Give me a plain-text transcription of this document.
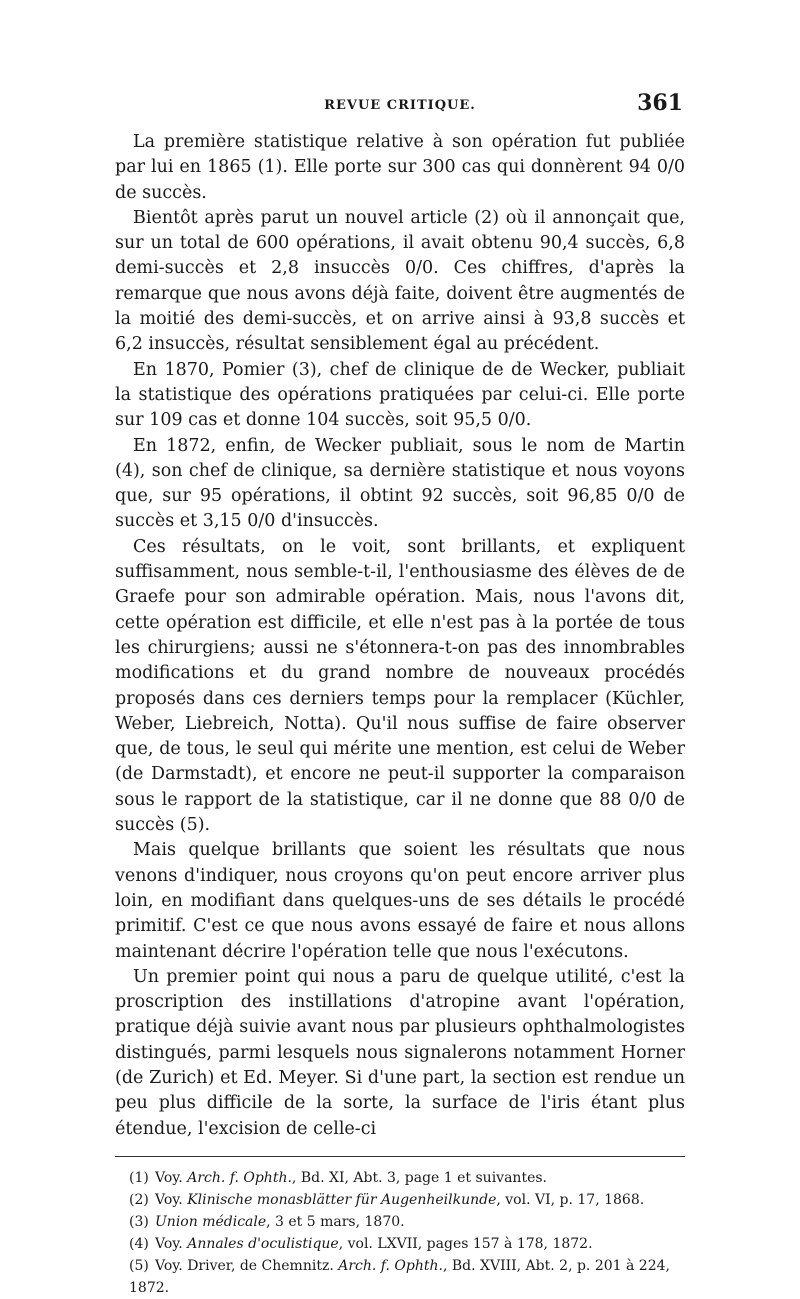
REVUE CRITIQUE.	361

La première statistique relative à son opération fut publiée par lui en 1865 (1). Elle porte sur 300 cas qui donnèrent 94 0/0 de succès.

Bientôt après parut un nouvel article (2) où il annonçait que, sur un total de 600 opérations, il avait obtenu 90,4 succès, 6,8 demi-succès et 2,8 insuccès 0/0. Ces chiffres, d'après la remarque que nous avons déjà faite, doivent être augmentés de la moitié des demi-succès, et on arrive ainsi à 93,8 succès et 6,2 insuccès, résultat sensiblement égal au précédent.

En 1870, Pomier (3), chef de clinique de de Wecker, publiait la statistique des opérations pratiquées par celui-ci. Elle porte sur 109 cas et donne 104 succès, soit 95,5 0/0.

En 1872, enfin, de Wecker publiait, sous le nom de Martin (4), son chef de clinique, sa dernière statistique et nous voyons que, sur 95 opérations, il obtint 92 succès, soit 96,85 0/0 de succès et 3,15 0/0 d'insuccès.

Ces résultats, on le voit, sont brillants, et expliquent suffisamment, nous semble-t-il, l'enthousiasme des élèves de de Graefe pour son admirable opération. Mais, nous l'avons dit, cette opération est difficile, et elle n'est pas à la portée de tous les chirurgiens; aussi ne s'étonnera-t-on pas des innombrables modifications et du grand nombre de nouveaux procédés proposés dans ces derniers temps pour la remplacer (Küchler, Weber, Liebreich, Notta). Qu'il nous suffise de faire observer que, de tous, le seul qui mérite une mention, est celui de Weber (de Darmstadt), et encore ne peut-il supporter la comparaison sous le rapport de la statistique, car il ne donne que 88 0/0 de succès (5).

Mais quelque brillants que soient les résultats que nous venons d'indiquer, nous croyons qu'on peut encore arriver plus loin, en modifiant dans quelques-uns de ses détails le procédé primitif. C'est ce que nous avons essayé de faire et nous allons maintenant décrire l'opération telle que nous l'exécutons.

Un premier point qui nous a paru de quelque utilité, c'est la proscription des instillations d'atropine avant l'opération, pratique déjà suivie avant nous par plusieurs ophthalmologistes distingués, parmi lesquels nous signalerons notamment Horner (de Zurich) et Ed. Meyer. Si d'une part, la section est rendue un peu plus difficile de la sorte, la surface de l'iris étant plus étendue, l'excision de celle-ci

(1) Voy. Arch. f. Ophth., Bd. XI, Abt. 3, page 1 et suivantes.

(2) Voy. Klinische monasblätter für Augenheilkunde, vol. VI, p. 17, 1868.

(3) Union médicale, 3 et 5 mars, 1870.

(4) Voy. Annales d'oculistique, vol. LXVII, pages 157 à 178, 1872.

(5) Voy. Driver, de Chemnitz. Arch. f. Ophth., Bd. XVIII, Abt. 2, p. 201 à 224, 1872.
